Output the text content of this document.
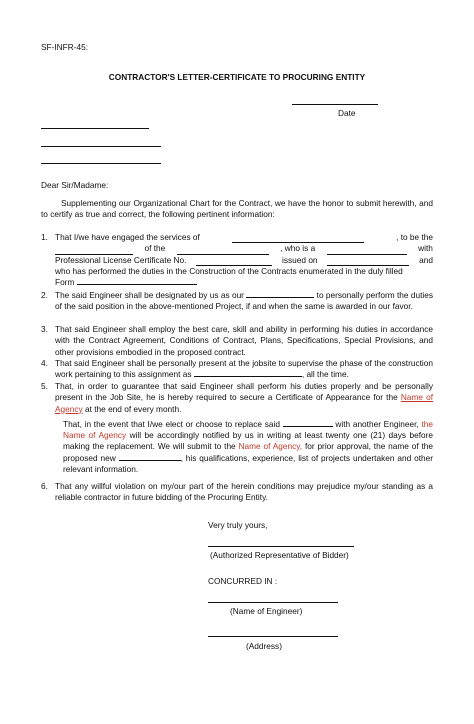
SF-INFR-45:
CONTRACTOR'S LETTER-CERTIFICATE TO PROCURING ENTITY
Date
Dear Sir/Madame:
Supplementing our Organizational Chart for the Contract, we have the honor to submit herewith, and to certify as true and correct, the following pertinent information:
1. That I/we have engaged the services of	, to be the
of the	, who is a	with
Professional License Certificate No.	issued on	and
who has performed the duties in the Construction of the Contracts enumerated in the duly filled
Form
2. The said Engineer shall be designated by us as our	to personally perform the duties of the said position in the above-mentioned Project, if and when the same is awarded in our favor.
3. That said Engineer shall employ the best care, skill and ability in performing his duties in accordance with the Contract Agreement, Conditions of Contract, Plans, Specifications, Special Provisions, and other provisions embodied in the proposed contract.
4. That said Engineer shall be personally present at the jobsite to supervise the phase of the construction work pertaining to this assignment as	, all the time.
5. That, in order to guarantee that said Engineer shall perform his duties properly and be personally present in the Job Site, he is hereby required to secure a Certificate of Appearance for the Name of Agency at the end of every month.
That, in the event that I/we elect or choose to replace said	with another Engineer, the Name of Agency will be accordingly notified by us in writing at least twenty one (21) days before making the replacement. We will submit to the Name of Agency, for prior approval, the name of the proposed new	, his qualifications, experience, list of projects undertaken and other relevant information.
6. That any willful violation on my/our part of the herein conditions may prejudice my/our standing as a reliable contractor in future bidding of the Procuring Entity.
Very truly yours,
(Authorized Representative of Bidder)
CONCURRED IN :
(Name of Engineer)
(Address)
